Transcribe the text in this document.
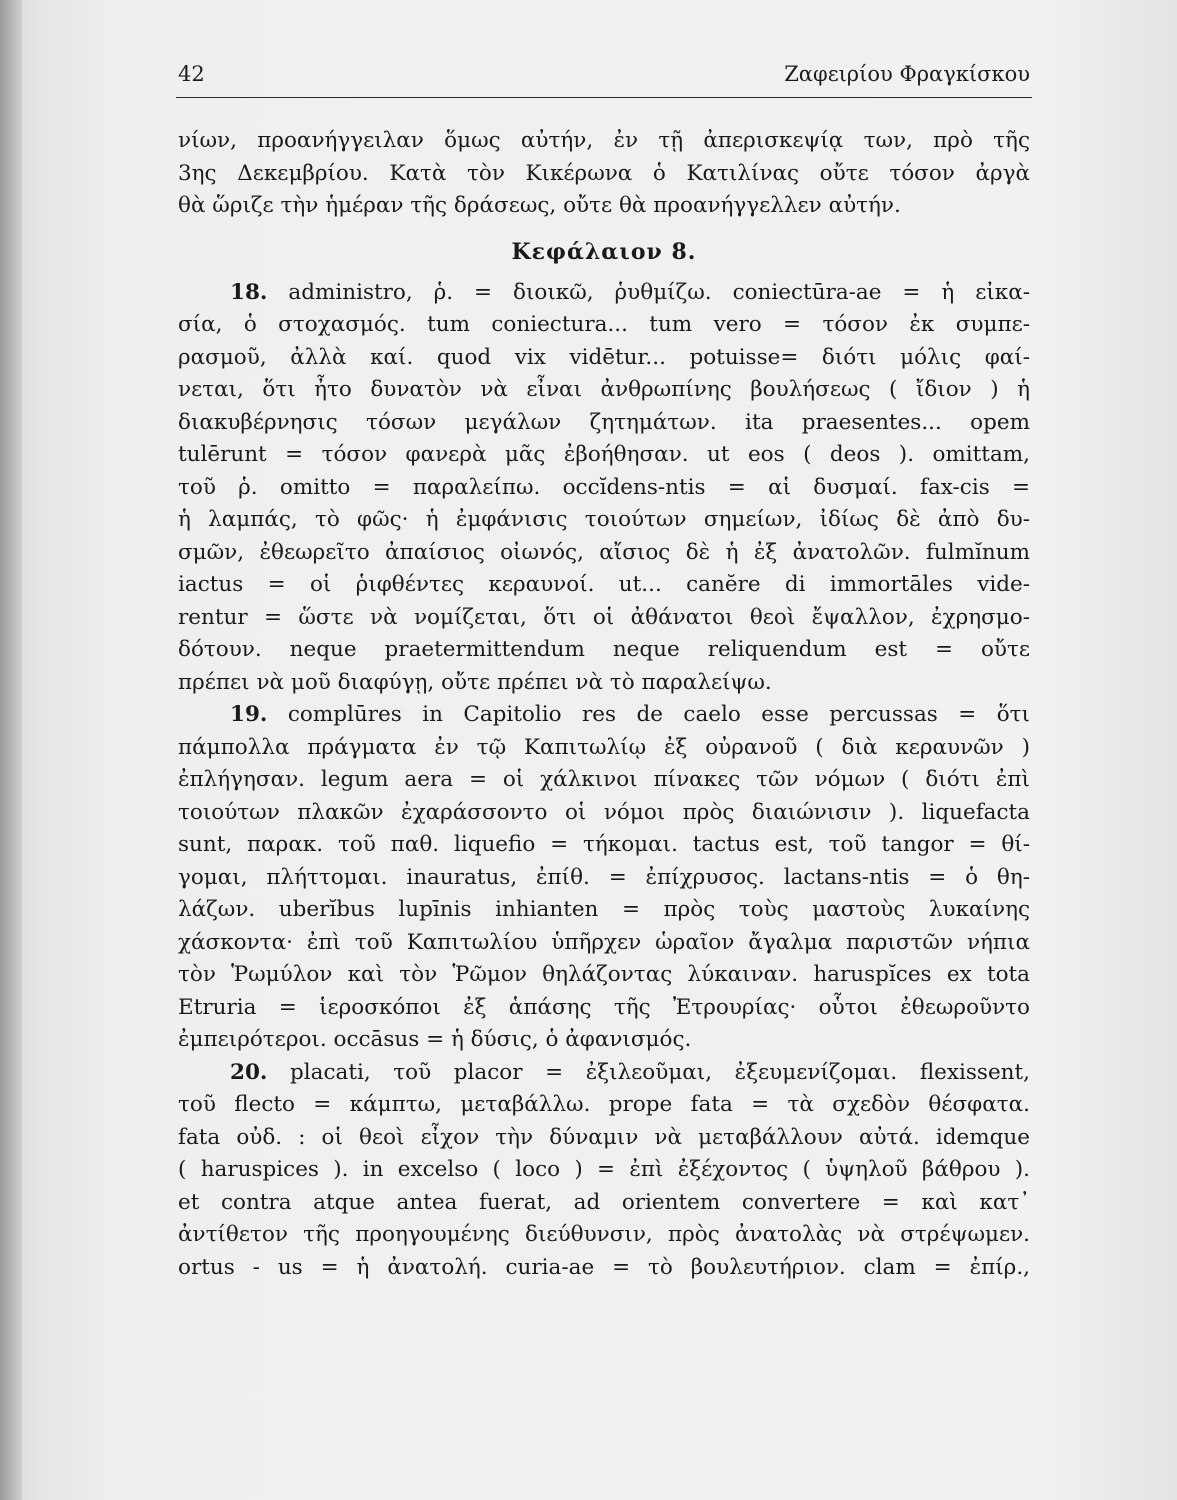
42	Ζαφειρίου Φραγκίσκου
νίων, προανήγγειλαν ὅμως αὐτήν, ἐν τῇ ἀπερισκεψίᾳ των, πρὸ τῆς
3ης Δεκεμβρίου. Κατὰ τὸν Κικέρωνα ὁ Κατιλίνας οὔτε τόσον ἀργὰ
θὰ ὥριζε τὴν ἡμέραν τῆς δράσεως, οὔτε θὰ προανήγγελλεν αὐτήν.
Κεφάλαιον 8.
18. administro, ῥ. = διοικῶ, ῥυθμίζω. coniectūra-ae = ἡ εἰκα-
σία, ὁ στοχασμός. tum coniectura... tum vero = τόσον ἐκ συμπε-
ρασμοῦ, ἀλλὰ καί. quod vix vidētur... potuisse= διότι μόλις φαί-
νεται, ὅτι ἦτο δυνατὸν νὰ εἶναι ἀνθρωπίνης βουλήσεως ( ἴδιον ) ἡ
διακυβέρνησις τόσων μεγάλων ζητημάτων. ita praesentes... opem
tulērunt = τόσον φανερὰ μᾶς ἐβοήθησαν. ut eos ( deos ). omittam,
τοῦ ῥ. omitto = παραλείπω. occĭdens-ntis = αἱ δυσμαί. fax-cis =
ἡ λαμπάς, τὸ φῶς· ἡ ἐμφάνισις τοιούτων σημείων, ἰδίως δὲ ἀπὸ δυ-
σμῶν, ἐθεωρεῖτο ἀπαίσιος οἰωνός, αἴσιος δὲ ἡ ἐξ ἀνατολῶν. fulmĭnum
iactus = οἱ ῥιφθέντες κεραυνοί. ut... canĕre di immortāles vide-
rentur = ὥστε νὰ νομίζεται, ὅτι οἱ ἀθάνατοι θεοὶ ἔψαλλον, ἐχρησμο-
δότουν. neque praetermittendum neque reliquendum est = οὔτε
πρέπει νὰ μοῦ διαφύγῃ, οὔτε πρέπει νὰ τὸ παραλείψω.
19. complūres in Capitolio res de caelo esse percussas = ὅτι
πάμπολλα πράγματα ἐν τῷ Καπιτωλίῳ ἐξ οὐρανοῦ ( διὰ κεραυνῶν )
ἐπλήγησαν. legum aera = οἱ χάλκινοι πίνακες τῶν νόμων ( διότι ἐπὶ
τοιούτων πλακῶν ἐχαράσσοντο οἱ νόμοι πρὸς διαιώνισιν ). liquefacta
sunt, παρακ. τοῦ παθ. liquefio = τήκομαι. tactus est, τοῦ tangor = θί-
γομαι, πλήττομαι. inauratus, ἐπίθ. = ἐπίχρυσος. lactans-ntis = ὁ θη-
λάζων. uberĭbus lupīnis inhianten = πρὸς τοὺς μαστοὺς λυκαίνης
χάσκοντα· ἐπὶ τοῦ Καπιτωλίου ὑπῆρχεν ὡραῖον ἄγαλμα παριστῶν νήπια
τὸν Ῥωμύλον καὶ τὸν Ῥῶμον θηλάζοντας λύκαιναν. haruspĭces ex tota
Etruria = ἱεροσκόποι ἐξ ἁπάσης τῆς Ἐτρουρίας· οὗτοι ἐθεωροῦντο
ἐμπειρότεροι. occāsus = ἡ δύσις, ὁ ἀφανισμός.
20. placati, τοῦ placor = ἐξιλεοῦμαι, ἐξευμενίζομαι. flexissent,
τοῦ flecto = κάμπτω, μεταβάλλω. prope fata = τὰ σχεδὸν θέσφατα.
fata οὐδ. : οἱ θεοὶ εἶχον τὴν δύναμιν νὰ μεταβάλλουν αὐτά. idemque
( haruspices ). in excelso ( loco ) = ἐπὶ ἐξέχοντος ( ὑψηλοῦ βάθρου ).
et contra atque antea fuerat, ad orientem convertere = καὶ κατ᾽
ἀντίθετον τῆς προηγουμένης διεύθυνσιν, πρὸς ἀνατολὰς νὰ στρέψωμεν.
ortus - us = ἡ ἀνατολή. curia-ae = τὸ βουλευτήριον. clam = ἐπίρ.,
